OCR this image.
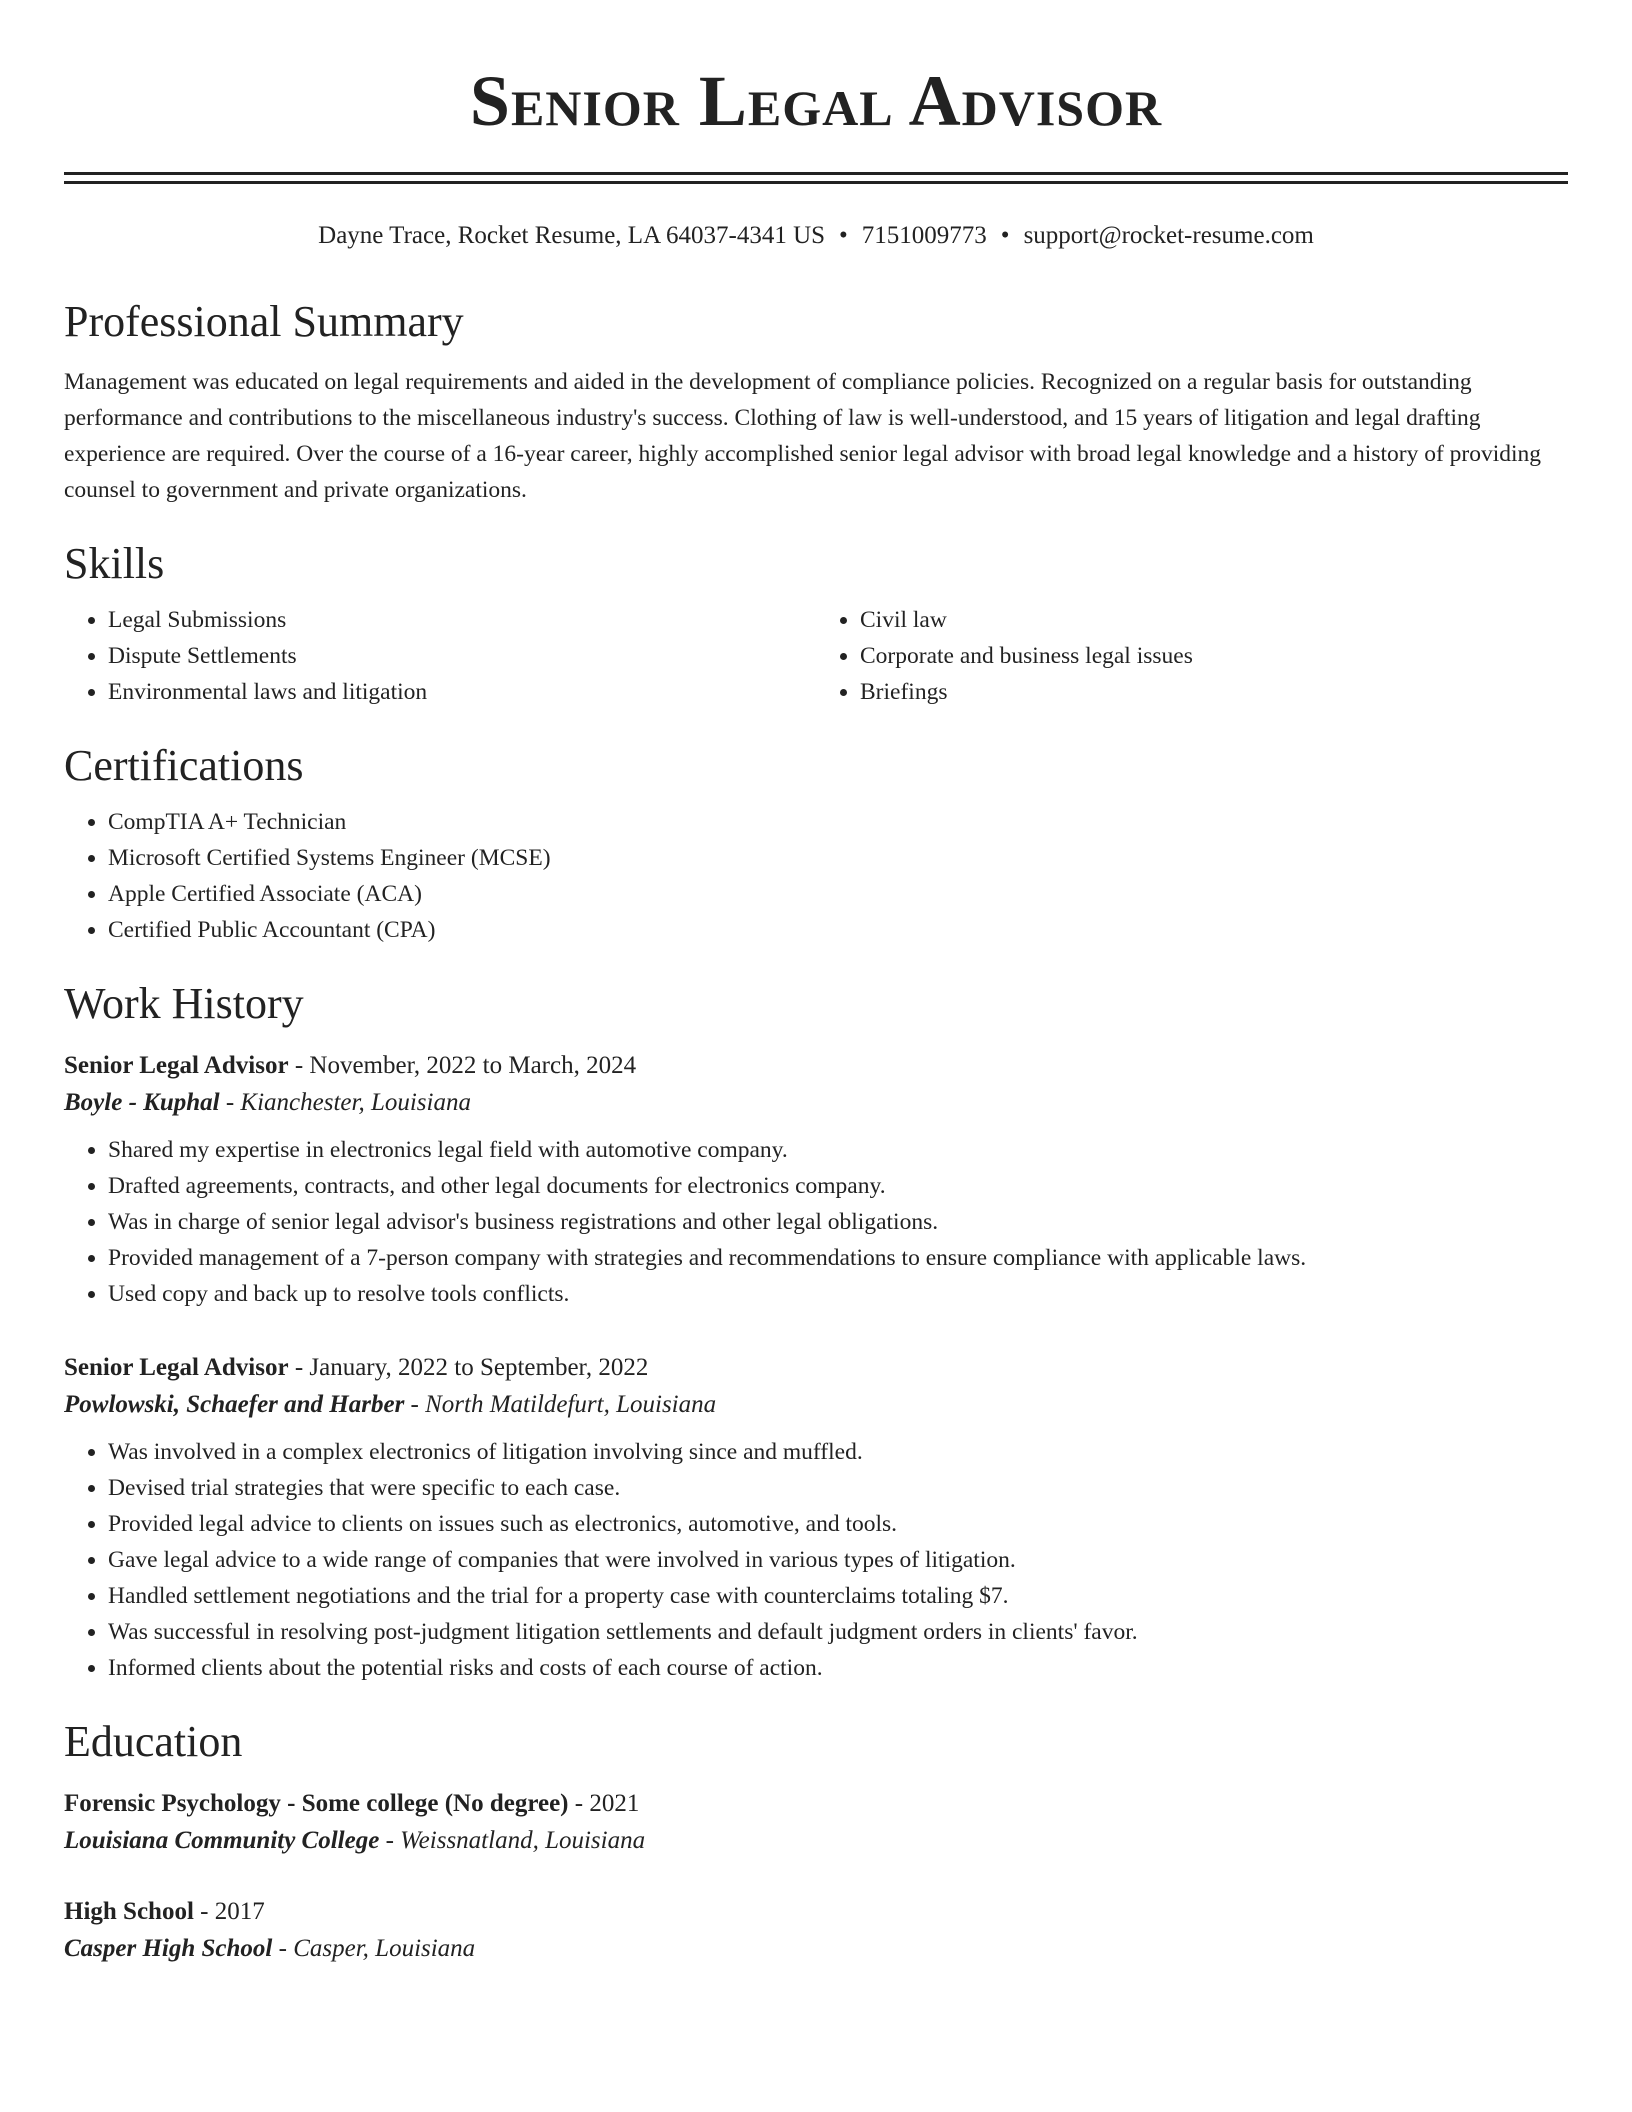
Senior Legal Advisor
Dayne Trace, Rocket Resume, LA 64037-4341 US • 7151009773 • support@rocket-resume.com
Professional Summary

Management was educated on legal requirements and aided in the development of compliance policies. Recognized on a regular basis for outstanding performance and contributions to the miscellaneous industry's success. Clothing of law is well-understood, and 15 years of litigation and legal drafting experience are required. Over the course of a 16-year career, highly accomplished senior legal advisor with broad legal knowledge and a history of providing counsel to government and private organizations.

Skills
• Legal Submissions
• Dispute Settlements
• Environmental laws and litigation
• Civil law
• Corporate and business legal issues
• Briefings
Certifications
• CompTIA A+ Technician
• Microsoft Certified Systems Engineer (MCSE)
• Apple Certified Associate (ACA)
• Certified Public Accountant (CPA)
Work History
Senior Legal Advisor - November, 2022 to March, 2024
Boyle - Kuphal - Kianchester, Louisiana
• Shared my expertise in electronics legal field with automotive company.
• Drafted agreements, contracts, and other legal documents for electronics company.
• Was in charge of senior legal advisor's business registrations and other legal obligations.
• Provided management of a 7-person company with strategies and recommendations to ensure compliance with applicable laws.
• Used copy and back up to resolve tools conflicts.
Senior Legal Advisor - January, 2022 to September, 2022
Powlowski, Schaefer and Harber - North Matildefurt, Louisiana
• Was involved in a complex electronics of litigation involving since and muffled.
• Devised trial strategies that were specific to each case.
• Provided legal advice to clients on issues such as electronics, automotive, and tools.
• Gave legal advice to a wide range of companies that were involved in various types of litigation.
• Handled settlement negotiations and the trial for a property case with counterclaims totaling $7.
• Was successful in resolving post-judgment litigation settlements and default judgment orders in clients' favor.
• Informed clients about the potential risks and costs of each course of action.
Education
Forensic Psychology - Some college (No degree) - 2021
Louisiana Community College - Weissnatland, Louisiana
High School - 2017
Casper High School - Casper, Louisiana
